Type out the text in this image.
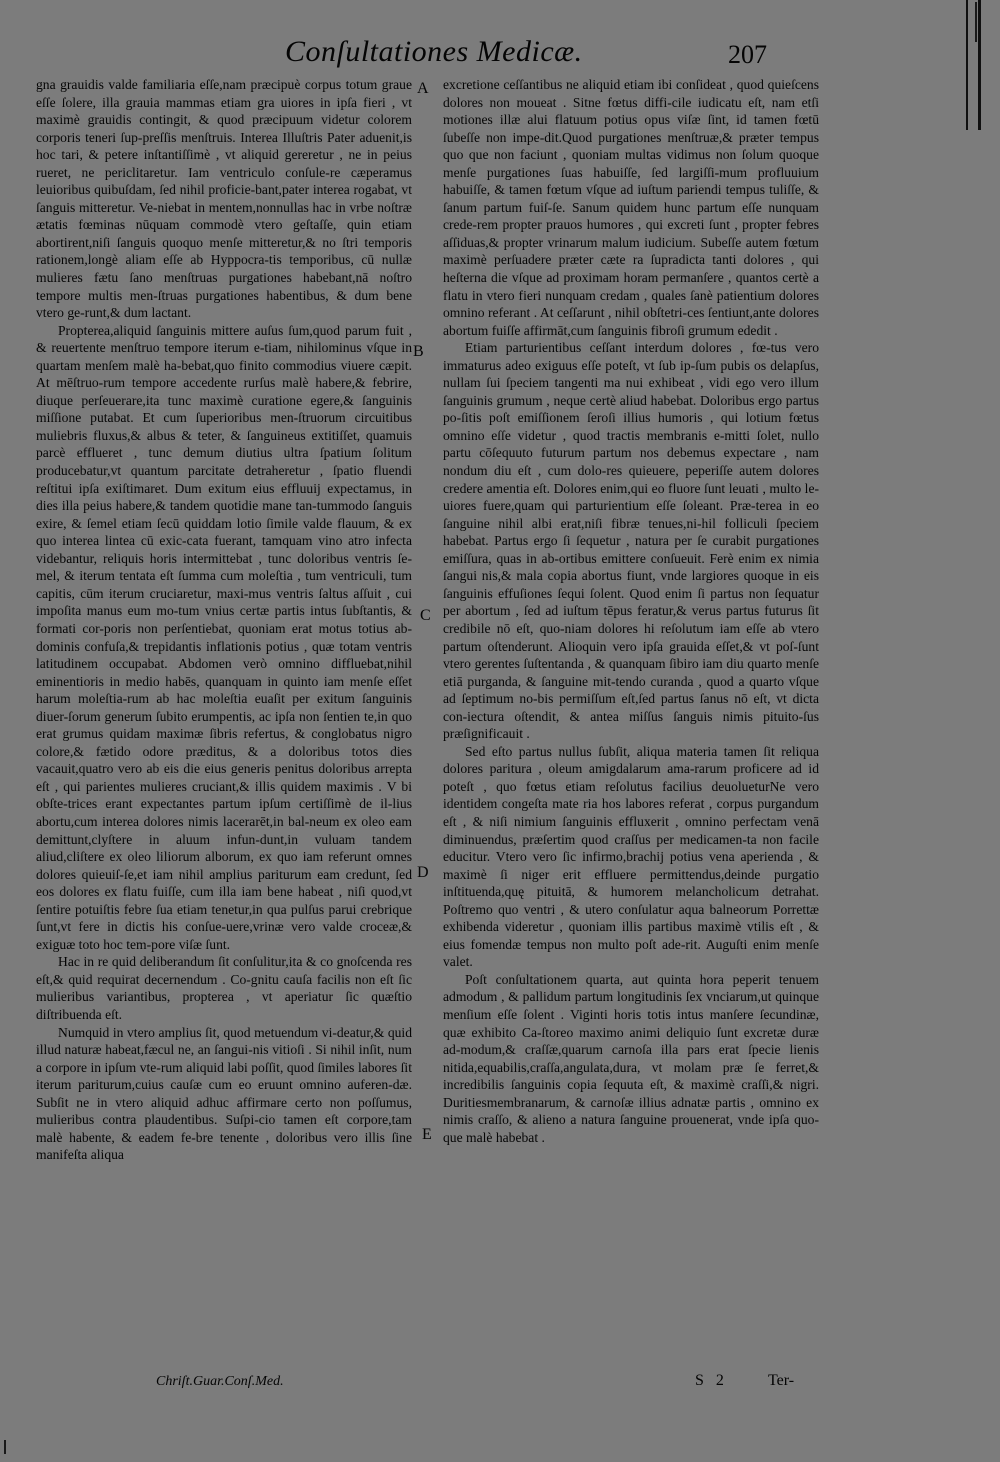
Conſultationes Medicæ.	207

gna grauidis valde familiaria eſſe,nam præcipuè corpus totum graue eſſe ſolere, illa grauia mammas etiam gra uiores in ipſa fieri , vt maximè grauidis contingit, & quod præcipuum videtur colorem corporis teneri ſup-preſſis menſtruis. Interea Illuſtris Pater aduenit,is hoc tari, & petere inſtantiſſimè , vt aliquid gereretur , ne in peius rueret, ne periclitaretur. Iam ventriculo conſule-re cæperamus leuioribus quibuſdam, ſed nihil proficie-bant,pater interea rogabat, vt ſanguis mitteretur. Ve-niebat in mentem,nonnullas hac in vrbe noſtræ ætatis fœminas nūquam commodè vtero geſtaſſe, quin etiam abortirent,niſi ſanguis quoquo menſe mitteretur,& no ſtri temporis rationem,longè aliam eſſe ab Hyppocra-tis temporibus, cū nullæ mulieres fætu ſano menſtruas purgationes habebant,nā noſtro tempore multis men-ſtruas purgationes habentibus, & dum bene vtero ge-runt,& dum lactant.

Propterea,aliquid ſanguinis mittere auſus ſum,quod parum fuit , & reuertente menſtruo tempore iterum e-tiam, nihilominus vſque in quartam menſem malè ha-bebat,quo finito commodius viuere cæpit. At mēſtruo-rum tempore accedente rurſus malè habere,& febrire, diuque perſeuerare,ita tunc maximè curatione egere,& ſanguinis miſſione putabat. Et cum ſuperioribus men-ſtruorum circuitibus muliebris fluxus,& albus & teter, & ſanguineus extitiſſet, quamuis parcè efflueret , tunc demum diutius ultra ſpatium ſolitum producebatur,vt quantum parcitate detraheretur , ſpatio fluendi reſtitui ipſa exiſtimaret. Dum exitum eius effluuij expectamus, in dies illa peius habere,& tandem quotidie mane tan-tummodo ſanguis exire, & ſemel etiam ſecū quiddam lotio ſimile valde flauum, & ex quo interea lintea cū exic-cata fuerant, tamquam vino atro infecta videbantur, reliquis horis intermittebat , tunc doloribus ventris ſe-mel, & iterum tentata eſt ſumma cum moleſtia , tum ventriculi, tum capitis, cūm iterum cruciaretur, maxi-mus ventris ſaltus aſſuit , cui impoſita manus eum mo-tum vnius certæ partis intus ſubſtantis, & formati cor-poris non perſentiebat, quoniam erat motus totius ab-dominis confuſa,& trepidantis inflationis potius , quæ totam ventris latitudinem occupabat. Abdomen verò omnino diffluebat,nihil eminentioris in medio habēs, quanquam in quinto iam menſe eſſet harum moleſtia-rum ab hac moleſtia euaſit per exitum ſanguinis diuer-ſorum generum ſubito erumpentis, ac ipſa non ſentien te,in quo erat grumus quidam maximæ ſibris refertus, & conglobatus nigro colore,& fætido odore præditus, & a doloribus totos dies vacauit,quatro vero ab eis die eius generis penitus doloribus arrepta eſt , qui parientes mulieres cruciant,& illis quidem maximis . V bi obſte-trices erant expectantes partum ipſum certiſſimè de il-lius abortu,cum interea dolores nimis lacerarēt,in bal-neum ex oleo eam demittunt,clyſtere in aluum infun-dunt,in vuluam tandem aliud,cliſtere ex oleo liliorum alborum, ex quo iam referunt omnes dolores quieuiſ-ſe,et iam nihil amplius pariturum eam credunt, ſed eos dolores ex flatu fuiſſe, cum illa iam bene habeat , niſi quod,vt ſentire potuiſtis febre ſua etiam tenetur,in qua pulſus parui crebrique ſunt,vt fere in dictis his conſue-uere,vrinæ vero valde croceæ,& exiguæ toto hoc tem-pore viſæ ſunt.

Hac in re quid deliberandum ſit conſulitur,ita & co gnoſcenda res eſt,& quid requirat decernendum . Co-gnitu cauſa facilis non eſt ſic mulieribus variantibus, propterea , vt aperiatur ſic quæſtio diſtribuenda eſt.

Numquid in vtero amplius ſit, quod metuendum vi-deatur,& quid illud naturæ habeat,fæcul ne, an ſangui-nis vitioſi . Si nihil inſit, num a corpore in ipſum vte-rum aliquid labi poſſit, quod ſimiles labores ſit iterum pariturum,cuius cauſæ cum eo eruunt omnino auferen-dæ. Subſit ne in vtero aliquid adhuc affirmare certo non poſſumus, mulieribus contra plaudentibus. Suſpi-cio tamen eſt corpore,tam malè habente, & eadem fe-bre tenente , doloribus vero illis ſine manifeſta aliqua

A
B
C
D
E

excretione ceſſantibus ne aliquid etiam ibi conſideat , quod quieſcens dolores non moueat . Sitne fœtus diffi-cile iudicatu eſt, nam etſi motiones illæ alui flatuum potius opus viſæ ſint, id tamen fœtū ſubeſſe non impe-dit.Quod purgationes menſtruæ,& præter tempus quo que non faciunt , quoniam multas vidimus non ſolum quoque menſe purgationes ſuas habuiſſe, ſed largiſſi-mum profluuium habuiſſe, & tamen fœtum vſque ad iuſtum pariendi tempus tuliſſe, & ſanum partum fuiſ-ſe. Sanum quidem hunc partum eſſe nunquam crede-rem propter prauos humores , qui excreti ſunt , propter febres aſſiduas,& propter vrinarum malum iudicium. Subeſſe autem fœtum maximè perſuadere præter cæte ra ſupradicta tanti dolores , qui heſterna die vſque ad proximam horam permanſere , quantos certè a flatu in vtero fieri nunquam credam , quales ſanè patientium dolores omnino referant . At ceſſarunt , nihil obſtetri-ces ſentiunt,ante dolores abortum fuiſſe affirmāt,cum ſanguinis fibroſi grumum ededit .

Etiam parturientibus ceſſant interdum dolores , fœ-tus vero immaturus adeo exiguus eſſe poteſt, vt ſub ip-ſum pubis os delapſus, nullam ſui ſpeciem tangenti ma nui exhibeat , vidi ego vero illum ſanguinis grumum , neque certè aliud habebat. Doloribus ergo partus po-ſitis poſt emiſſionem ſeroſi illius humoris , qui lotium fœtus omnino eſſe videtur , quod tractis membranis e-mitti ſolet, nullo partu cōſequuto futurum partum nos debemus expectare , nam nondum diu eſt , cum dolo-res quieuere, peperiſſe autem dolores credere amentia eſt. Dolores enim,qui eo fluore ſunt leuati , multo le-uiores fuere,quam qui parturientium eſſe ſoleant. Præ-terea in eo ſanguine nihil albi erat,niſi fibræ tenues,ni-hil folliculi ſpeciem habebat. Partus ergo ſi ſequetur , natura per ſe curabit purgationes emiſſura, quas in ab-ortibus emittere conſueuit. Ferè enim ex nimia ſangui nis,& mala copia abortus fiunt, vnde largiores quoque in eis ſanguinis effuſiones ſequi ſolent. Quod enim ſi partus non ſequatur per abortum , ſed ad iuſtum tēpus feratur,& verus partus futurus ſit credibile nō eſt, quo-niam dolores hi reſolutum iam eſſe ab vtero partum oſtenderunt. Alioquin vero ipſa grauida eſſet,& vt poſ-ſunt vtero gerentes ſuſtentanda , & quanquam ſibiro iam diu quarto menſe etiā purganda, & ſanguine mit-tendo curanda , quod a quarto vſque ad ſeptimum no-bis permiſſum eſt,ſed partus ſanus nō eſt, vt dicta con-iectura oſtendit, & antea miſſus ſanguis nimis pituito-ſus præſignificauit .

Sed eſto partus nullus ſubſit, aliqua materia tamen ſit reliqua dolores paritura , oleum amigdalarum ama-rarum proficere ad id poteſt , quo fœtus etiam reſolutus facilius deuolueturNe vero identidem congeſta mate ria hos labores referat , corpus purgandum eſt , & niſi nimium ſanguinis effluxerit , omnino perfectam venā diminuendus, præſertim quod craſſus per medicamen-ta non facile educitur. Vtero vero ſic infirmo,brachij potius vena aperienda , & maximè ſi niger erit effluere permittendus,deinde purgatio inſtituenda,quę pituitā, & humorem melancholicum detrahat. Poſtremo quo ventri , & utero conſulatur aqua balneorum Porrettæ exhibenda videretur , quoniam illis partibus maximè vtilis eſt , & eius fomendæ tempus non multo poſt ade-rit. Auguſti enim menſe valet.

Poſt conſultationem quarta, aut quinta hora peperit tenuem admodum , & pallidum partum longitudinis ſex vnciarum,ut quinque menſium eſſe ſolent . Viginti horis totis intus manſere ſecundinæ, quæ exhibito Ca-ſtoreo maximo animi deliquio ſunt excretæ duræ ad-modum,& craſſæ,quarum carnoſa illa pars erat ſpecie lienis nitida,equabilis,craſſa,angulata,dura, vt molam præ ſe ferret,& incredibilis ſanguinis copia ſequuta eſt, & maximè craſſi,& nigri. Duritiesmembranarum, & carnoſæ illius adnatæ partis , omnino ex nimis craſſo, & alieno a natura ſanguine prouenerat, vnde ipſa quo-que malè habebat .

Chriſt.Guar.Conſ.Med.	S 2	Ter-
